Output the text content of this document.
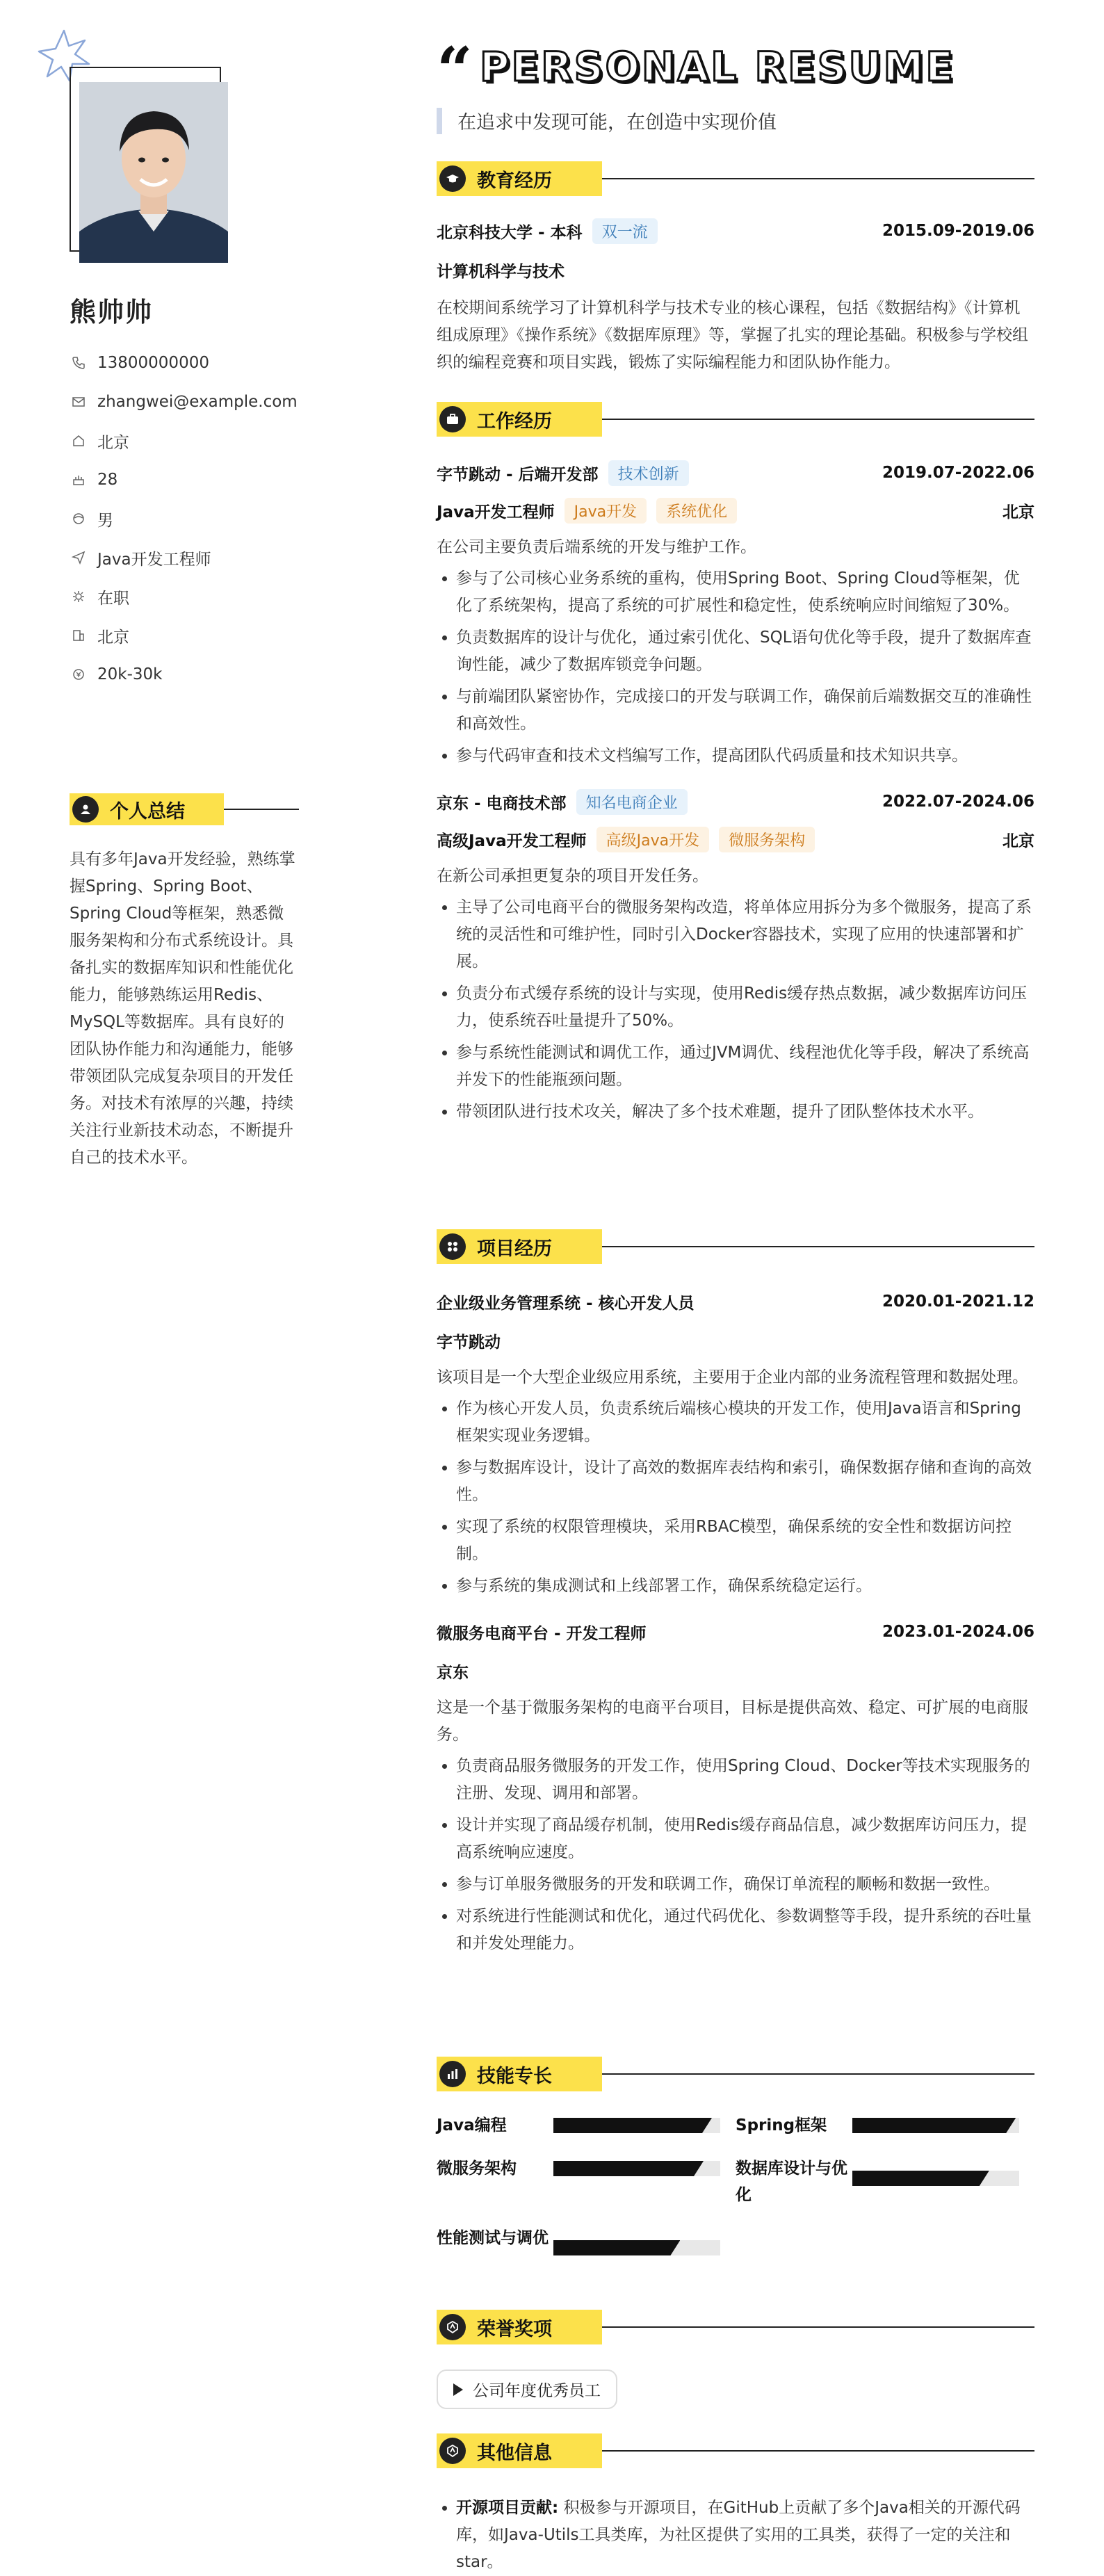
熊帅帅
13800000000
zhangwei@example.com
北京
28
男
Java开发工程师
在职
北京
20k-30k
个人总结
具有多年Java开发经验，熟练掌握Spring、Spring Boot、Spring Cloud等框架，熟悉微服务架构和分布式系统设计。具备扎实的数据库知识和性能优化能力，能够熟练运用Redis、MySQL等数据库。具有良好的团队协作能力和沟通能力，能够带领团队完成复杂项目的开发任务。对技术有浓厚的兴趣，持续关注行业新技术动态，不断提升自己的技术水平。
“ PERSONAL RESUME
在追求中发现可能，在创造中实现价值
教育经历
北京科技大学 - 本科	双一流	2015.09-2019.06
计算机科学与技术
在校期间系统学习了计算机科学与技术专业的核心课程，包括《数据结构》《计算机组成原理》《操作系统》《数据库原理》等，掌握了扎实的理论基础。积极参与学校组织的编程竞赛和项目实践，锻炼了实际编程能力和团队协作能力。
工作经历
字节跳动 - 后端开发部	技术创新	2019.07-2022.06
Java开发工程师	Java开发	系统优化	北京
在公司主要负责后端系统的开发与维护工作。
• 参与了公司核心业务系统的重构，使用Spring Boot、Spring Cloud等框架，优化了系统架构，提高了系统的可扩展性和稳定性，使系统响应时间缩短了30%。
• 负责数据库的设计与优化，通过索引优化、SQL语句优化等手段，提升了数据库查询性能，减少了数据库锁竞争问题。
• 与前端团队紧密协作，完成接口的开发与联调工作，确保前后端数据交互的准确性和高效性。
• 参与代码审查和技术文档编写工作，提高团队代码质量和技术知识共享。
京东 - 电商技术部	知名电商企业	2022.07-2024.06
高级Java开发工程师	高级Java开发	微服务架构	北京
在新公司承担更复杂的项目开发任务。
• 主导了公司电商平台的微服务架构改造，将单体应用拆分为多个微服务，提高了系统的灵活性和可维护性，同时引入Docker容器技术，实现了应用的快速部署和扩展。
• 负责分布式缓存系统的设计与实现，使用Redis缓存热点数据，减少数据库访问压力，使系统吞吐量提升了50%。
• 参与系统性能测试和调优工作，通过JVM调优、线程池优化等手段，解决了系统高并发下的性能瓶颈问题。
• 带领团队进行技术攻关，解决了多个技术难题，提升了团队整体技术水平。
项目经历
企业级业务管理系统 - 核心开发人员	2020.01-2021.12
字节跳动
该项目是一个大型企业级应用系统，主要用于企业内部的业务流程管理和数据处理。
• 作为核心开发人员，负责系统后端核心模块的开发工作，使用Java语言和Spring框架实现业务逻辑。
• 参与数据库设计，设计了高效的数据库表结构和索引，确保数据存储和查询的高效性。
• 实现了系统的权限管理模块，采用RBAC模型，确保系统的安全性和数据访问控制。
• 参与系统的集成测试和上线部署工作，确保系统稳定运行。
微服务电商平台 - 开发工程师	2023.01-2024.06
京东
这是一个基于微服务架构的电商平台项目，目标是提供高效、稳定、可扩展的电商服务。
• 负责商品服务微服务的开发工作，使用Spring Cloud、Docker等技术实现服务的注册、发现、调用和部署。
• 设计并实现了商品缓存机制，使用Redis缓存商品信息，减少数据库访问压力，提高系统响应速度。
• 参与订单服务微服务的开发和联调工作，确保订单流程的顺畅和数据一致性。
• 对系统进行性能测试和优化，通过代码优化、参数调整等手段，提升系统的吞吐量和并发处理能力。
技能专长
Java编程	Spring框架
微服务架构	数据库设计与优化
性能测试与调优
荣誉奖项
公司年度优秀员工
其他信息
• 开源项目贡献: 积极参与开源项目，在GitHub上贡献了多个Java相关的开源代码库，如Java-Utils工具类库，为社区提供了实用的工具类，获得了一定的关注和star。
